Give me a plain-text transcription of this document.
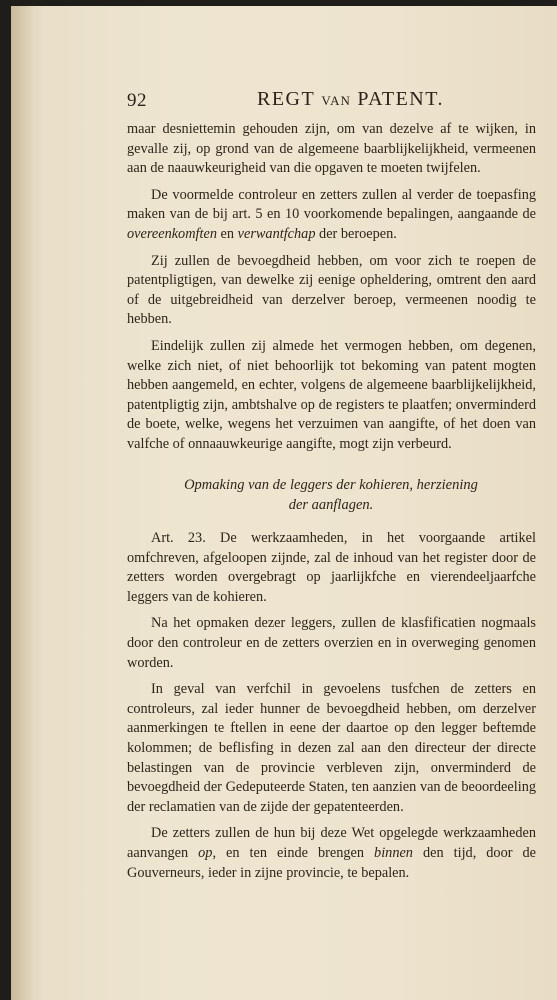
92	REGT VAN PATENT.

maar desniettemin gehouden zijn, om van dezelve af te wijken, in gevalle zij, op grond van de algemeene baarblijkelijkheid, vermeenen aan de naauwkeurigheid van die opgaven te moeten twijfelen.

De voormelde controleur en zetters zullen al verder de toepasfing maken van de bij art. 5 en 10 voorkomende bepalingen, aangaande de overeenkomften en verwantfchap der beroepen.

Zij zullen de bevoegdheid hebben, om voor zich te roepen de patentpligtigen, van dewelke zij eenige opheldering, omtrent den aard of de uitgebreidheid van derzelver beroep, vermeenen noodig te hebben.

Eindelijk zullen zij almede het vermogen hebben, om degenen, welke zich niet, of niet behoorlijk tot bekoming van patent mogten hebben aangemeld, en echter, volgens de algemeene baarblijkelijkheid, patentpligtig zijn, ambtshalve op de registers te plaatfen; onverminderd de boete, welke, wegens het verzuimen van aangifte, of het doen van valfche of onnaauwkeurige aangifte, mogt zijn verbeurd.

Opmaking van de leggers der kohieren, herziening
der aanflagen.

Art. 23. De werkzaamheden, in het voorgaande artikel omfchreven, afgeloopen zijnde, zal de inhoud van het register door de zetters worden overgebragt op jaarlijkfche en vierendeeljaarfche leggers van de kohieren.

Na het opmaken dezer leggers, zullen de klasfificatien nogmaals door den controleur en de zetters overzien en in overweging genomen worden.

In geval van verfchil in gevoelens tusfchen de zetters en controleurs, zal ieder hunner de bevoegdheid hebben, om derzelver aanmerkingen te ftellen in eene der daartoe op den legger beftemde kolommen; de beflisfing in dezen zal aan den directeur der directe belastingen van de provincie verbleven zijn, onverminderd de bevoegdheid der Gedeputeerde Staten, ten aanzien van de beoordeeling der reclamatien van de zijde der gepatenteerden.

De zetters zullen de hun bij deze Wet opgelegde werkzaamheden aanvangen op, en ten einde brengen binnen den tijd, door de Gouverneurs, ieder in zijne provincie, te bepalen.
